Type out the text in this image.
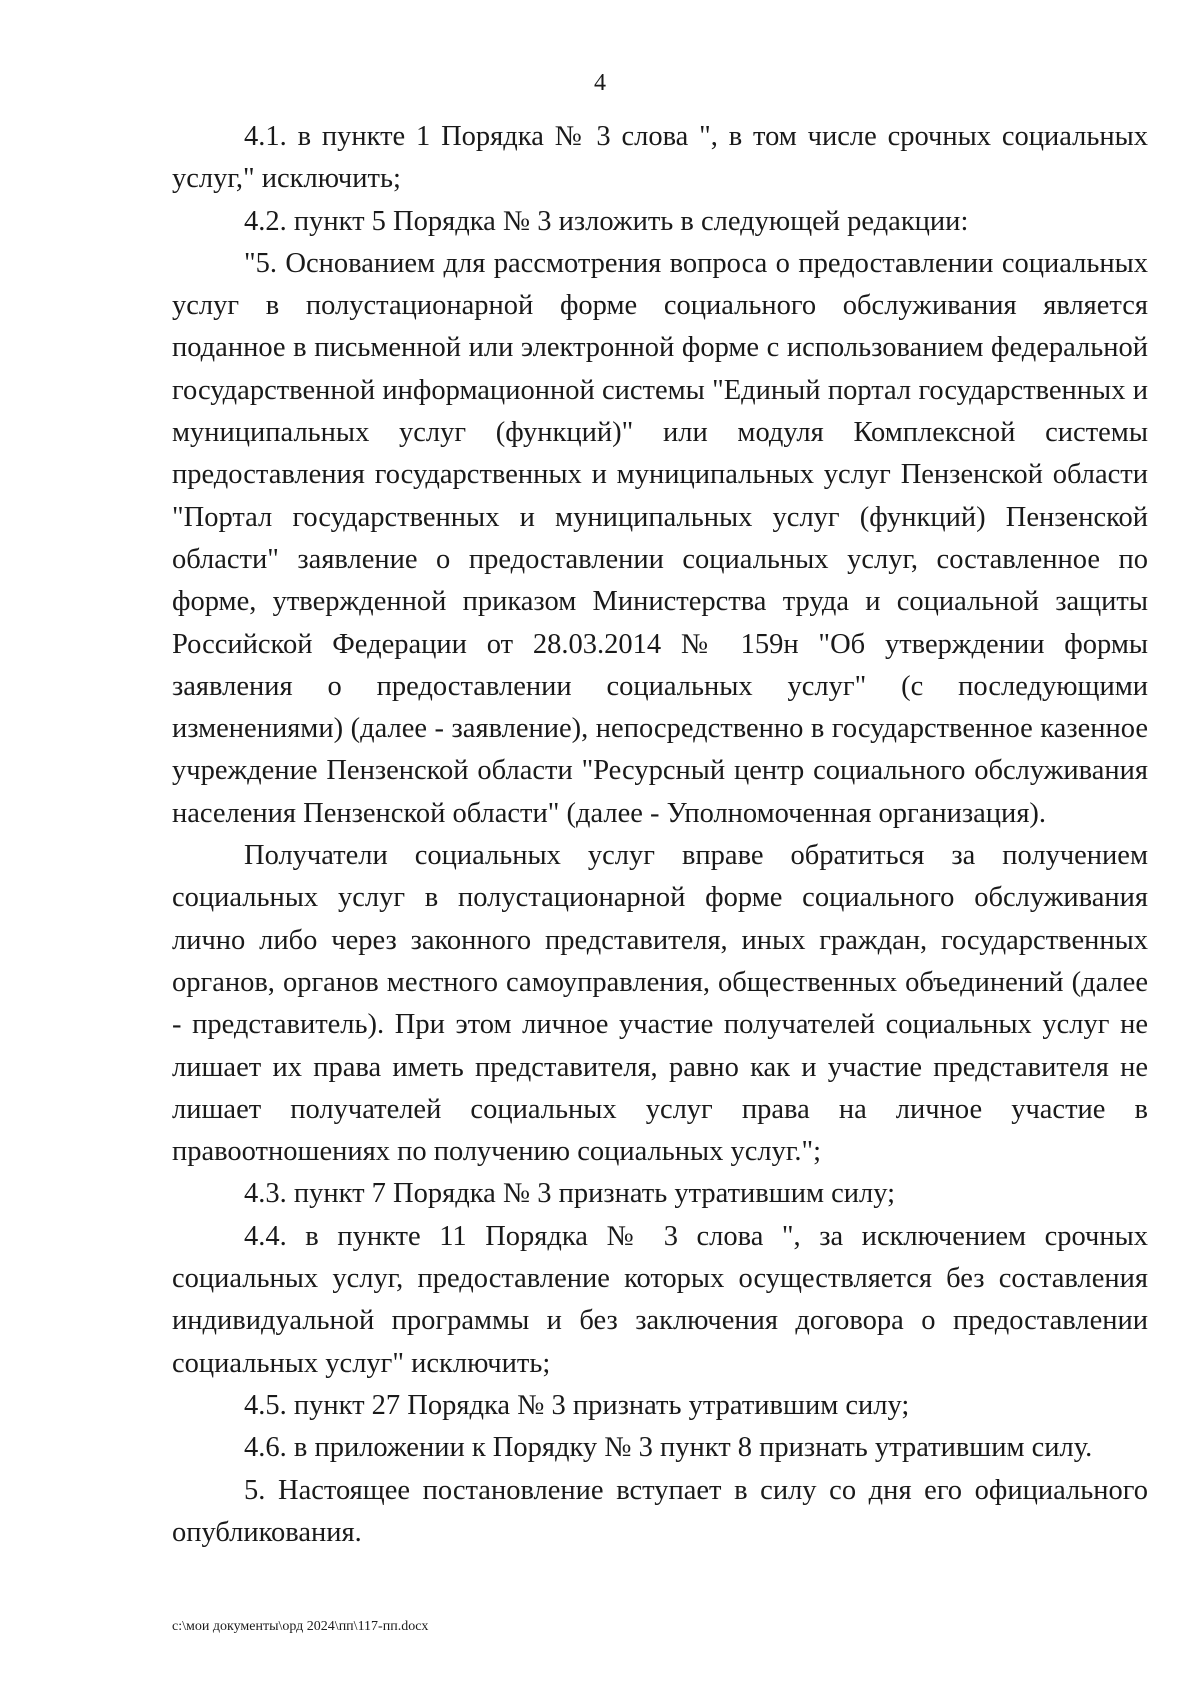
4

4.1. в пункте 1 Порядка № 3 слова ", в том числе срочных социальных услуг," исключить;

4.2. пункт 5 Порядка № 3 изложить в следующей редакции:

"5. Основанием для рассмотрения вопроса о предоставлении социальных услуг в полустационарной форме социального обслуживания является поданное в письменной или электронной форме с использованием федеральной государственной информационной системы "Единый портал государственных и муниципальных услуг (функций)" или модуля Комплексной системы предоставления государственных и муниципальных услуг Пензенской области "Портал государственных и муниципальных услуг (функций) Пензенской области" заявление о предоставлении социальных услуг, составленное по форме, утвержденной приказом Министерства труда и социальной защиты Российской Федерации от 28.03.2014 № 159н "Об утверждении формы заявления о предоставлении социальных услуг" (с последующими изменениями) (далее - заявление), непосредственно в государственное казенное учреждение Пензенской области "Ресурсный центр социального обслуживания населения Пензенской области" (далее - Уполномоченная организация).

Получатели социальных услуг вправе обратиться за получением социальных услуг в полустационарной форме социального обслуживания лично либо через законного представителя, иных граждан, государственных органов, органов местного самоуправления, общественных объединений (далее - представитель). При этом личное участие получателей социальных услуг не лишает их права иметь представителя, равно как и участие представителя не лишает получателей социальных услуг права на личное участие в правоотношениях по получению социальных услуг.";

4.3. пункт 7 Порядка № 3 признать утратившим силу;

4.4. в пункте 11 Порядка № 3 слова ", за исключением срочных социальных услуг, предоставление которых осуществляется без составления индивидуальной программы и без заключения договора о предоставлении социальных услуг" исключить;

4.5. пункт 27 Порядка № 3 признать утратившим силу;

4.6. в приложении к Порядку № 3 пункт 8 признать утратившим силу.

5. Настоящее постановление вступает в силу со дня его официального опубликования.

c:\мои документы\орд 2024\пп\117-пп.docx
